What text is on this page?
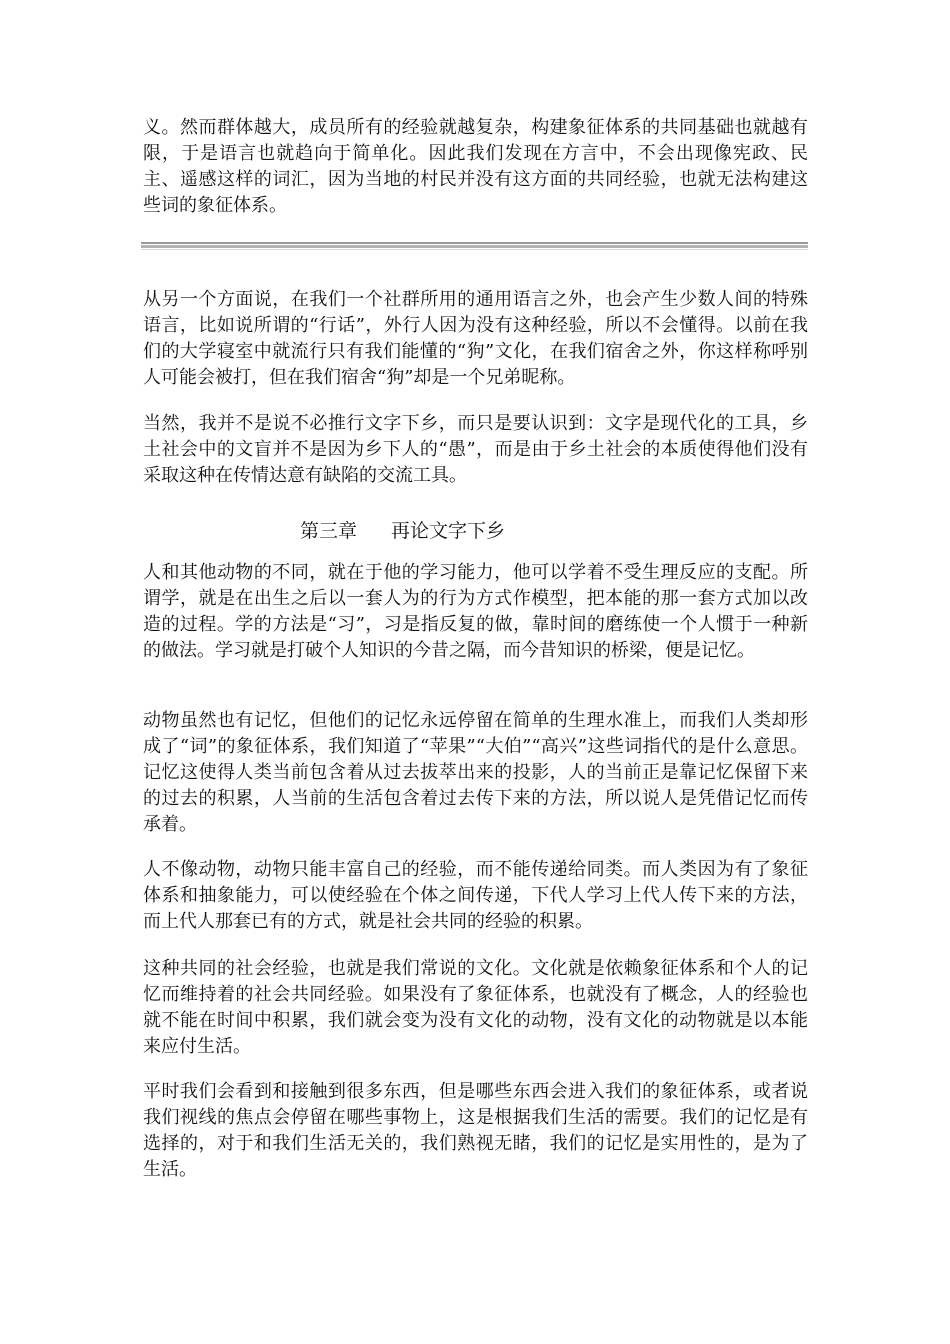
义。然而群体越大，成员所有的经验就越复杂，构建象征体系的共同基础也就越有限，于是语言也就趋向于简单化。因此我们发现在方言中，不会出现像宪政、民主、遥感这样的词汇，因为当地的村民并没有这方面的共同经验，也就无法构建这些词的象征体系。

从另一个方面说，在我们一个社群所用的通用语言之外，也会产生少数人间的特殊语言，比如说所谓的“行话”，外行人因为没有这种经验，所以不会懂得。以前在我们的大学寝室中就流行只有我们能懂的“狗”文化，在我们宿舍之外，你这样称呼别人可能会被打，但在我们宿舍“狗”却是一个兄弟昵称。

当然，我并不是说不必推行文字下乡，而只是要认识到：文字是现代化的工具，乡土社会中的文盲并不是因为乡下人的“愚”，而是由于乡土社会的本质使得他们没有采取这种在传情达意有缺陷的交流工具。

第三章 再论文字下乡

人和其他动物的不同，就在于他的学习能力，他可以学着不受生理反应的支配。所谓学，就是在出生之后以一套人为的行为方式作模型，把本能的那一套方式加以改造的过程。学的方法是“习”，习是指反复的做，靠时间的磨练使一个人惯于一种新的做法。学习就是打破个人知识的今昔之隔，而今昔知识的桥梁，便是记忆。

动物虽然也有记忆，但他们的记忆永远停留在简单的生理水准上，而我们人类却形成了“词”的象征体系，我们知道了“苹果”“大伯”“高兴”这些词指代的是什么意思。记忆这使得人类当前包含着从过去拔萃出来的投影，人的当前正是靠记忆保留下来的过去的积累，人当前的生活包含着过去传下来的方法，所以说人是凭借记忆而传承着。

人不像动物，动物只能丰富自己的经验，而不能传递给同类。而人类因为有了象征体系和抽象能力，可以使经验在个体之间传递，下代人学习上代人传下来的方法，而上代人那套已有的方式，就是社会共同的经验的积累。

这种共同的社会经验，也就是我们常说的文化。文化就是依赖象征体系和个人的记忆而维持着的社会共同经验。如果没有了象征体系，也就没有了概念，人的经验也就不能在时间中积累，我们就会变为没有文化的动物，没有文化的动物就是以本能来应付生活。

平时我们会看到和接触到很多东西，但是哪些东西会进入我们的象征体系，或者说我们视线的焦点会停留在哪些事物上，这是根据我们生活的需要。我们的记忆是有选择的，对于和我们生活无关的，我们熟视无睹，我们的记忆是实用性的，是为了生活。
